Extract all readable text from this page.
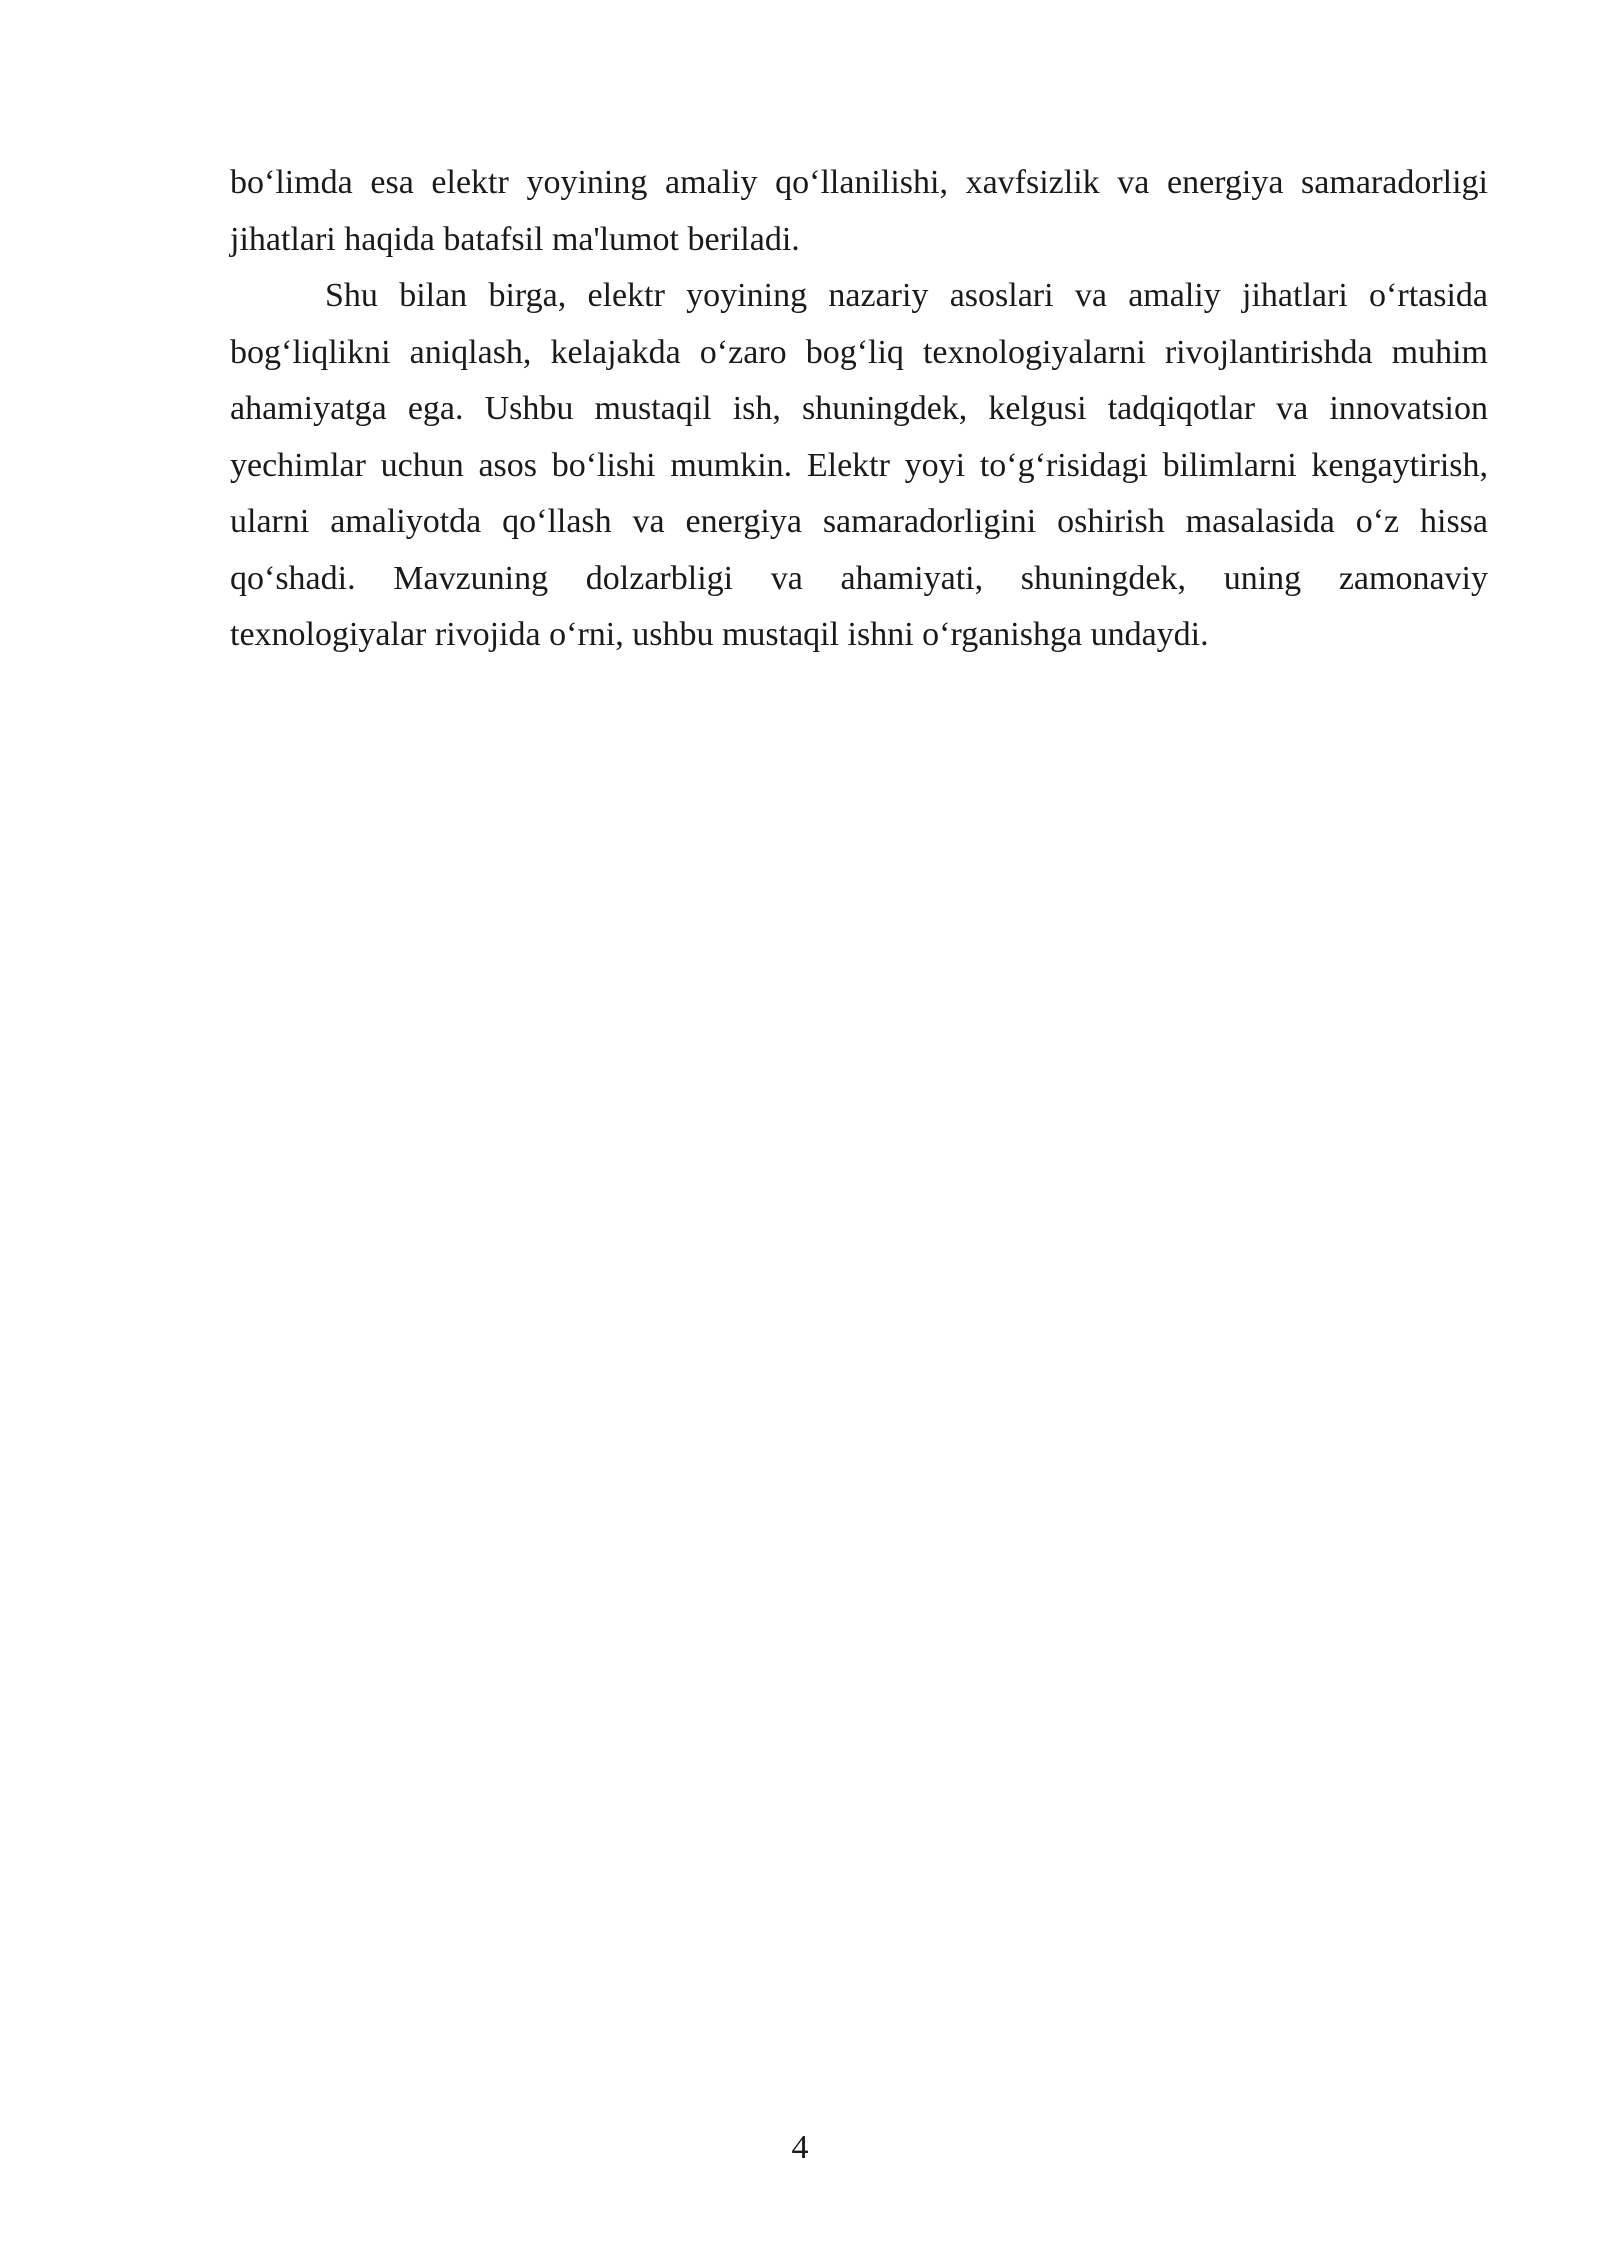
bo‘limda esa elektr yoyining amaliy qo‘llanilishi, xavfsizlik va energiya samaradorligi jihatlari haqida batafsil ma'lumot beriladi.

Shu bilan birga, elektr yoyining nazariy asoslari va amaliy jihatlari o‘rtasida bog‘liqlikni aniqlash, kelajakda o‘zaro bog‘liq texnologiyalarni rivojlantirishda muhim ahamiyatga ega. Ushbu mustaqil ish, shuningdek, kelgusi tadqiqotlar va innovatsion yechimlar uchun asos bo‘lishi mumkin. Elektr yoyi to‘g‘risidagi bilimlarni kengaytirish, ularni amaliyotda qo‘llash va energiya samaradorligini oshirish masalasida o‘z hissa qo‘shadi. Mavzuning dolzarbligi va ahamiyati, shuningdek, uning zamonaviy texnologiyalar rivojida o‘rni, ushbu mustaqil ishni o‘rganishga undaydi.

4
